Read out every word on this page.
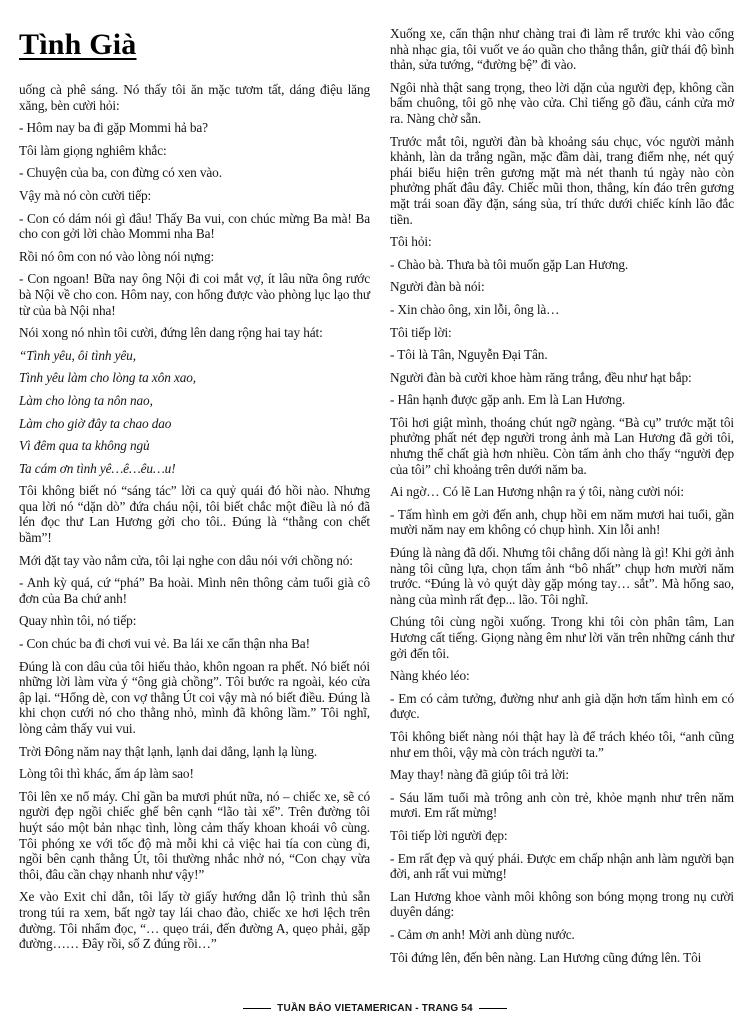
Tình Già

uống cà phê sáng. Nó thấy tôi ăn mặc tươm tất, dáng điệu lăng xăng, bèn cười hỏi:

- Hôm nay ba đi gặp Mommi hả ba?

Tôi làm giọng nghiêm khắc:

- Chuyện của ba, con đừng có xen vào.

Vậy mà nó còn cười tiếp:

- Con có dám nói gì đâu! Thấy Ba vui, con chúc mừng Ba mà! Ba cho con gởi lời chào Mommi nha Ba!

Rồi nó ôm con nó vào lòng nói nựng:

- Con ngoan! Bữa nay ông Nội đi coi mắt vợ, ít lâu nữa ông rước bà Nội về cho con. Hôm nay, con hổng được vào phòng lục lạo thư từ của bà Nội nha!

Nói xong nó nhìn tôi cười, đứng lên dang rộng hai tay hát:

“Tình yêu, ôi tình yêu,

Tình yêu làm cho lòng ta xôn xao,

Làm cho lòng ta nôn nao,

Làm cho giờ đây ta chao dao

Vì đêm qua ta không ngủ

Ta cám ơn tình yê…ê…êu…u!

Tôi không biết nó “sáng tác” lời ca quỷ quái đó hồi nào. Nhưng qua lời nó “dặn dò” đứa cháu nội, tôi biết chắc một điều là nó đã lén đọc thư Lan Hương gởi cho tôi.. Đúng là “thằng con chết bầm”!

Mới đặt tay vào nắm cửa, tôi lại nghe con dâu nói với chồng nó:

- Anh kỳ quá, cứ “phá” Ba hoài. Mình nên thông cảm tuổi già cô đơn của Ba chứ anh!

Quay nhìn tôi, nó tiếp:

- Con chúc ba đi chơi vui vẻ. Ba lái xe cẩn thận nha Ba!

Đúng là con dâu của tôi hiếu thảo, khôn ngoan ra phết. Nó biết nói những lời làm vừa ý “ông già chồng”. Tôi bước ra ngoài, kéo cửa ập lại. “Hổng dè, con vợ thằng Út coi vậy mà nó biết điều. Đúng là khi chọn cưới nó cho thằng nhỏ, mình đã không lầm.” Tôi nghĩ, lòng cảm thấy vui vui.

Trời Đông năm nay thật lạnh, lạnh dai dẳng, lạnh lạ lùng.

Lòng tôi thì khác, ấm áp làm sao!

Tôi lên xe nổ máy. Chỉ gần ba mươi phút nữa, nó – chiếc xe, sẽ có người đẹp ngồi chiếc ghế bên cạnh “lão tài xế”. Trên đường tôi huýt sáo một bản nhạc tình, lòng cảm thấy khoan khoái vô cùng. Tôi phóng xe với tốc độ mà mỗi khi cả việc hai tía con cùng đi, ngồi bên cạnh thằng Út, tôi thường nhắc nhở nó, “Con chạy vừa thôi, đâu cần chạy nhanh như vậy!”

Xe vào Exit chỉ dẫn, tôi lấy tờ giấy hướng dẫn lộ trình thủ sẵn trong túi ra xem, bất ngờ tay lái chao đảo, chiếc xe hơi lệch trên đường. Tôi nhẩm đọc, “… quẹo trái, đến đường A, quẹo phải, gặp đường…… Đây rồi, số Z đúng rồi…”

Xuống xe, cẩn thận như chàng trai đi làm rể trước khi vào cổng nhà nhạc gia, tôi vuốt ve áo quần cho thẳng thắn, giữ thái độ bình thản, sửa tướng, “đường bệ” đi vào.

Ngôi nhà thật sang trọng, theo lời dặn của người đẹp, không cần bấm chuông, tôi gõ nhẹ vào cửa. Chỉ tiếng gõ đầu, cánh cửa mở ra. Nàng chờ sẵn.

Trước mắt tôi, người đàn bà khoảng sáu chục, vóc người mảnh khảnh, làn da trắng ngần, mặc đầm dài, trang điểm nhẹ, nét quý phái biểu hiện trên gương mặt mà nét thanh tú ngày nào còn phưởng phất đâu đây. Chiếc mũi thon, thẳng, kín đáo trên gương mặt trái soan đầy đặn, sáng sủa, trí thức dưới chiếc kính lão đắc tiền.

Tôi hỏi:

- Chào bà. Thưa bà tôi muốn gặp Lan Hương.

Người đàn bà nói:

- Xin chào ông, xin lỗi, ông là…

Tôi tiếp lời:

- Tôi là Tân, Nguyễn Đại Tân.

Người đàn bà cười khoe hàm răng trắng, đều như hạt bắp:

- Hân hạnh được gặp anh. Em là Lan Hương.

Tôi hơi giật mình, thoáng chút ngỡ ngàng. “Bà cụ” trước mặt tôi phưởng phất nét đẹp người trong ảnh mà Lan Hương đã gởi tôi, nhưng thể chất già hơn nhiều. Còn tấm ảnh cho thấy “người đẹp của tôi” chỉ khoảng trên dưới năm ba.

Ai ngờ… Có lẽ Lan Hương nhận ra ý tôi, nàng cười nói:

- Tấm hình em gởi đến anh, chụp hồi em năm mươi hai tuổi, gần mười năm nay em không có chụp hình. Xin lỗi anh!

Đúng là nàng đã dối. Nhưng tôi chẳng dối nàng là gì! Khi gởi ảnh nàng tôi cũng lựa, chọn tấm ảnh “bô nhất” chụp hơn mười năm trước. “Đúng là vỏ quýt dày gặp móng tay… sắt”. Mà hổng sao, nàng của mình rất đẹp... lão. Tôi nghĩ.

Chúng tôi cùng ngồi xuống. Trong khi tôi còn phân tâm, Lan Hương cất tiếng. Giọng nàng êm như lời văn trên những cánh thư gởi đến tôi.

Nàng khéo léo:

- Em có cảm tưởng, đường như anh già dặn hơn tấm hình em có được.

Tôi không biết nàng nói thật hay là để trách khéo tôi, “anh cũng như em thôi, vậy mà còn trách người ta.”

May thay! nàng đã giúp tôi trả lời:

- Sáu lăm tuổi mà trông anh còn trẻ, khỏe mạnh như trên năm mươi. Em rất mừng!

Tôi tiếp lời người đẹp:

- Em rất đẹp và quý phái. Được em chấp nhận anh làm người bạn đời, anh rất vui mừng!

Lan Hương khoe vành môi không son bóng mọng trong nụ cười duyên dáng:

- Cảm ơn anh! Mời anh dùng nước.

Tôi đứng lên, đến bên nàng. Lan Hương cũng đứng lên. Tôi

TUẦN BÁO VIETAMERICAN - TRANG 54
